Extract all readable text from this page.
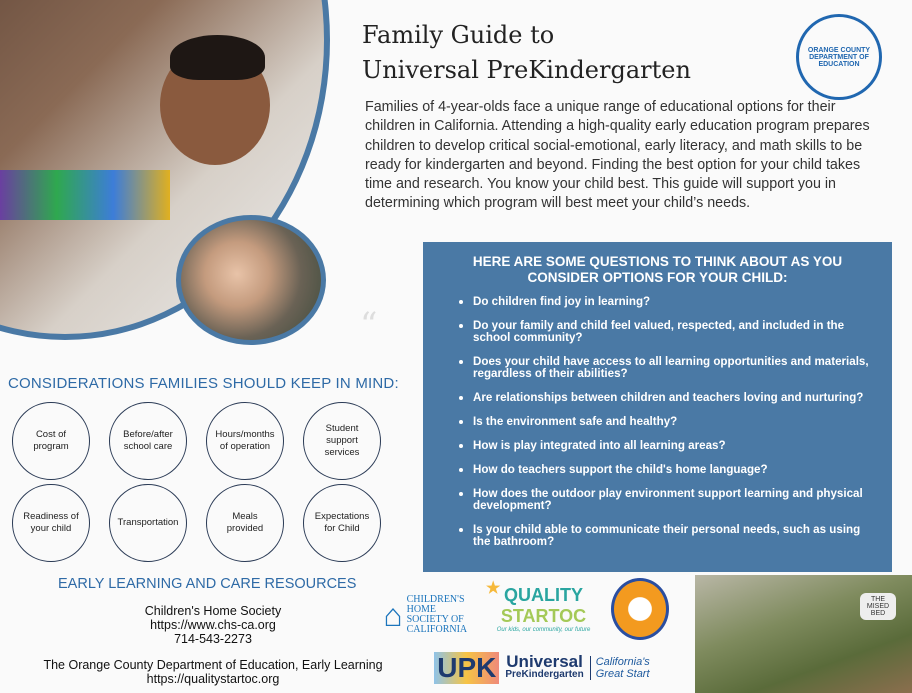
“
Family Guide to
Universal PreKindergarten
ORANGE COUNTY DEPARTMENT OF EDUCATION

Families of 4-year-olds face a unique range of educational options for their children in California. Attending a high-quality early education program prepares children to develop critical social-emotional, early literacy, and math skills to be ready for kindergarten and beyond. Finding the best option for your child takes time and research. You know your child best. This guide will support you in determining which program will best meet your child’s needs.

HERE ARE SOME QUESTIONS TO THINK ABOUT AS YOU CONSIDER OPTIONS FOR YOUR CHILD:
Do children find joy in learning?
Do your family and child feel valued, respected, and included in the school community?
Does your child have access to all learning opportunities and materials, regardless of their abilities?
Are relationships between children and teachers loving and nurturing?
Is the environment safe and healthy?
How is play integrated into all learning areas?
How do teachers support the child's home language?
How does the outdoor play environment support learning and physical development?
Is your child able to communicate their personal needs, such as using the bathroom?
CONSIDERATIONS FAMILIES SHOULD KEEP IN MIND:
Cost of program
Before/after school care
Hours/months of operation
Student support services
Readiness of your child
Transportation
Meals provided
Expectations for Child
EARLY LEARNING AND CARE RESOURCES
Children's Home Society
https://www.chs-ca.org
714-543-2273
The Orange County Department of Education, Early Learning
https://qualitystartoc.org
⌂ CHILDREN'S HOME SOCIETY OF CALIFORNIA
★ QUALITY
STARTOC
Our kids, our community, our future
UPK Universal
PreKindergarten
California's Great Start
THE MISED BED
